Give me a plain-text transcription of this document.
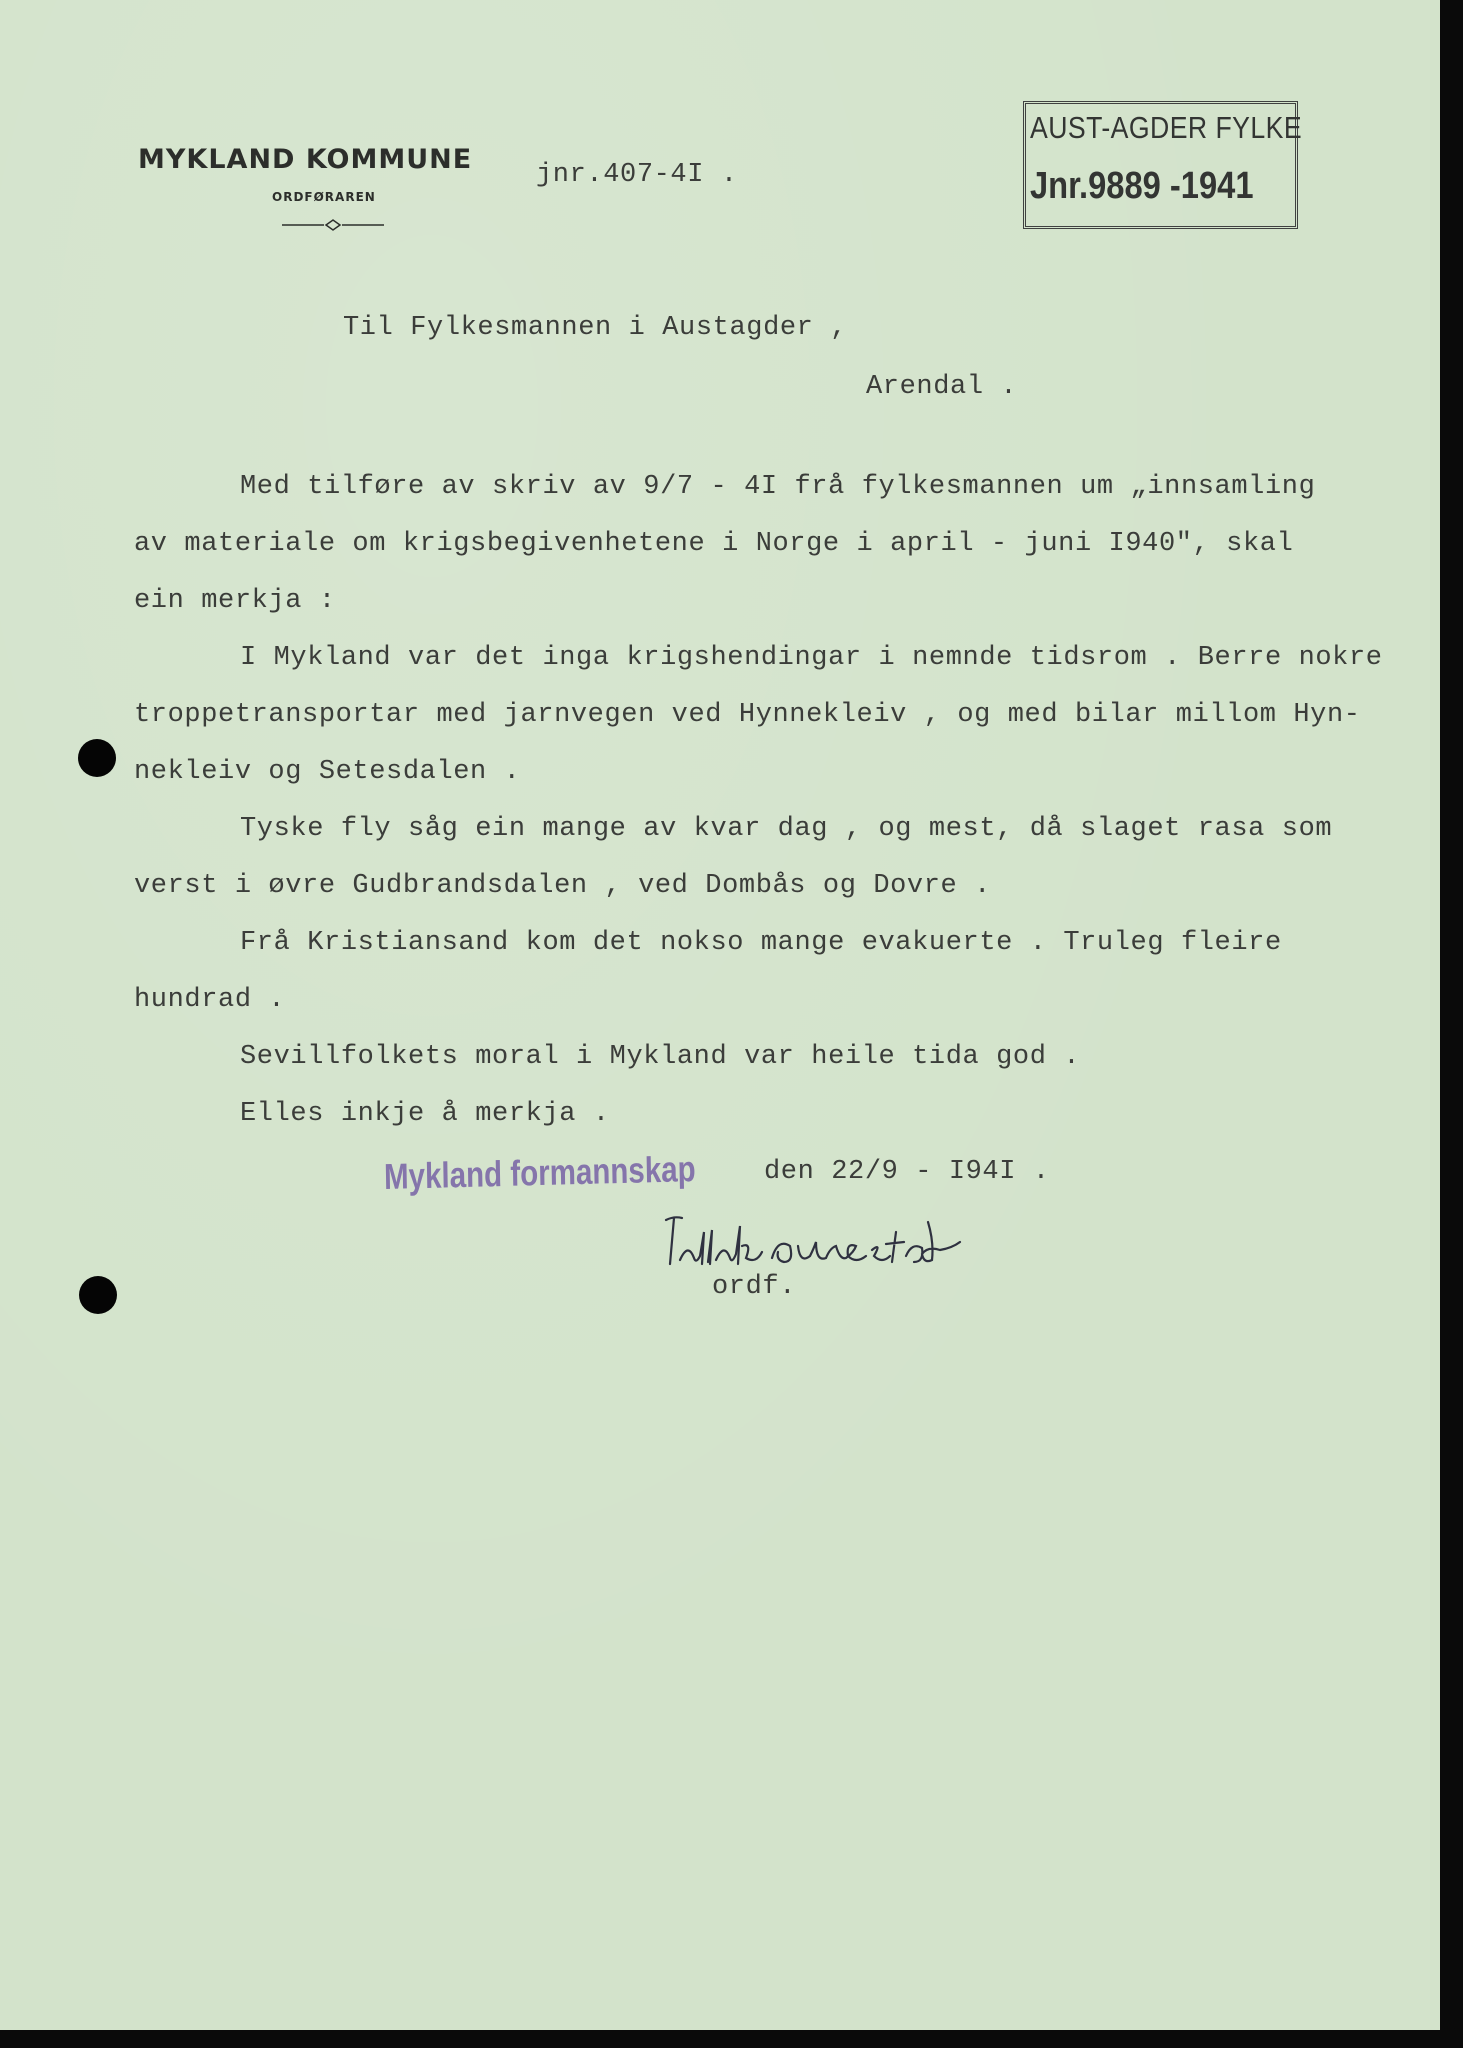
MYKLAND KOMMUNE
ORDFØRAREN
jnr.407-4I .
AUST-AGDER FYLKE
Jnr.9889 -1941
Til Fylkesmannen i Austagder ,
Arendal .
Med tilføre av skriv av 9/7 - 4I frå fylkesmannen um „innsamling
av materiale om krigsbegivenhetene i Norge i april - juni I940", skal
ein merkja :
I Mykland var det inga krigshendingar i nemnde tidsrom . Berre nokre
troppetransportar med jarnvegen ved Hynnekleiv , og med bilar millom Hyn-
nekleiv og Setesdalen .
Tyske fly såg ein mange av kvar dag , og mest, då slaget rasa som
verst i øvre Gudbrandsdalen , ved Dombås og Dovre .
Frå Kristiansand kom det nokso mange evakuerte . Truleg fleire
hundrad .
Sevillfolkets moral i Mykland var heile tida god .
Elles inkje å merkja .
Mykland formannskap	den 22/9 - I94I .
ordf.
